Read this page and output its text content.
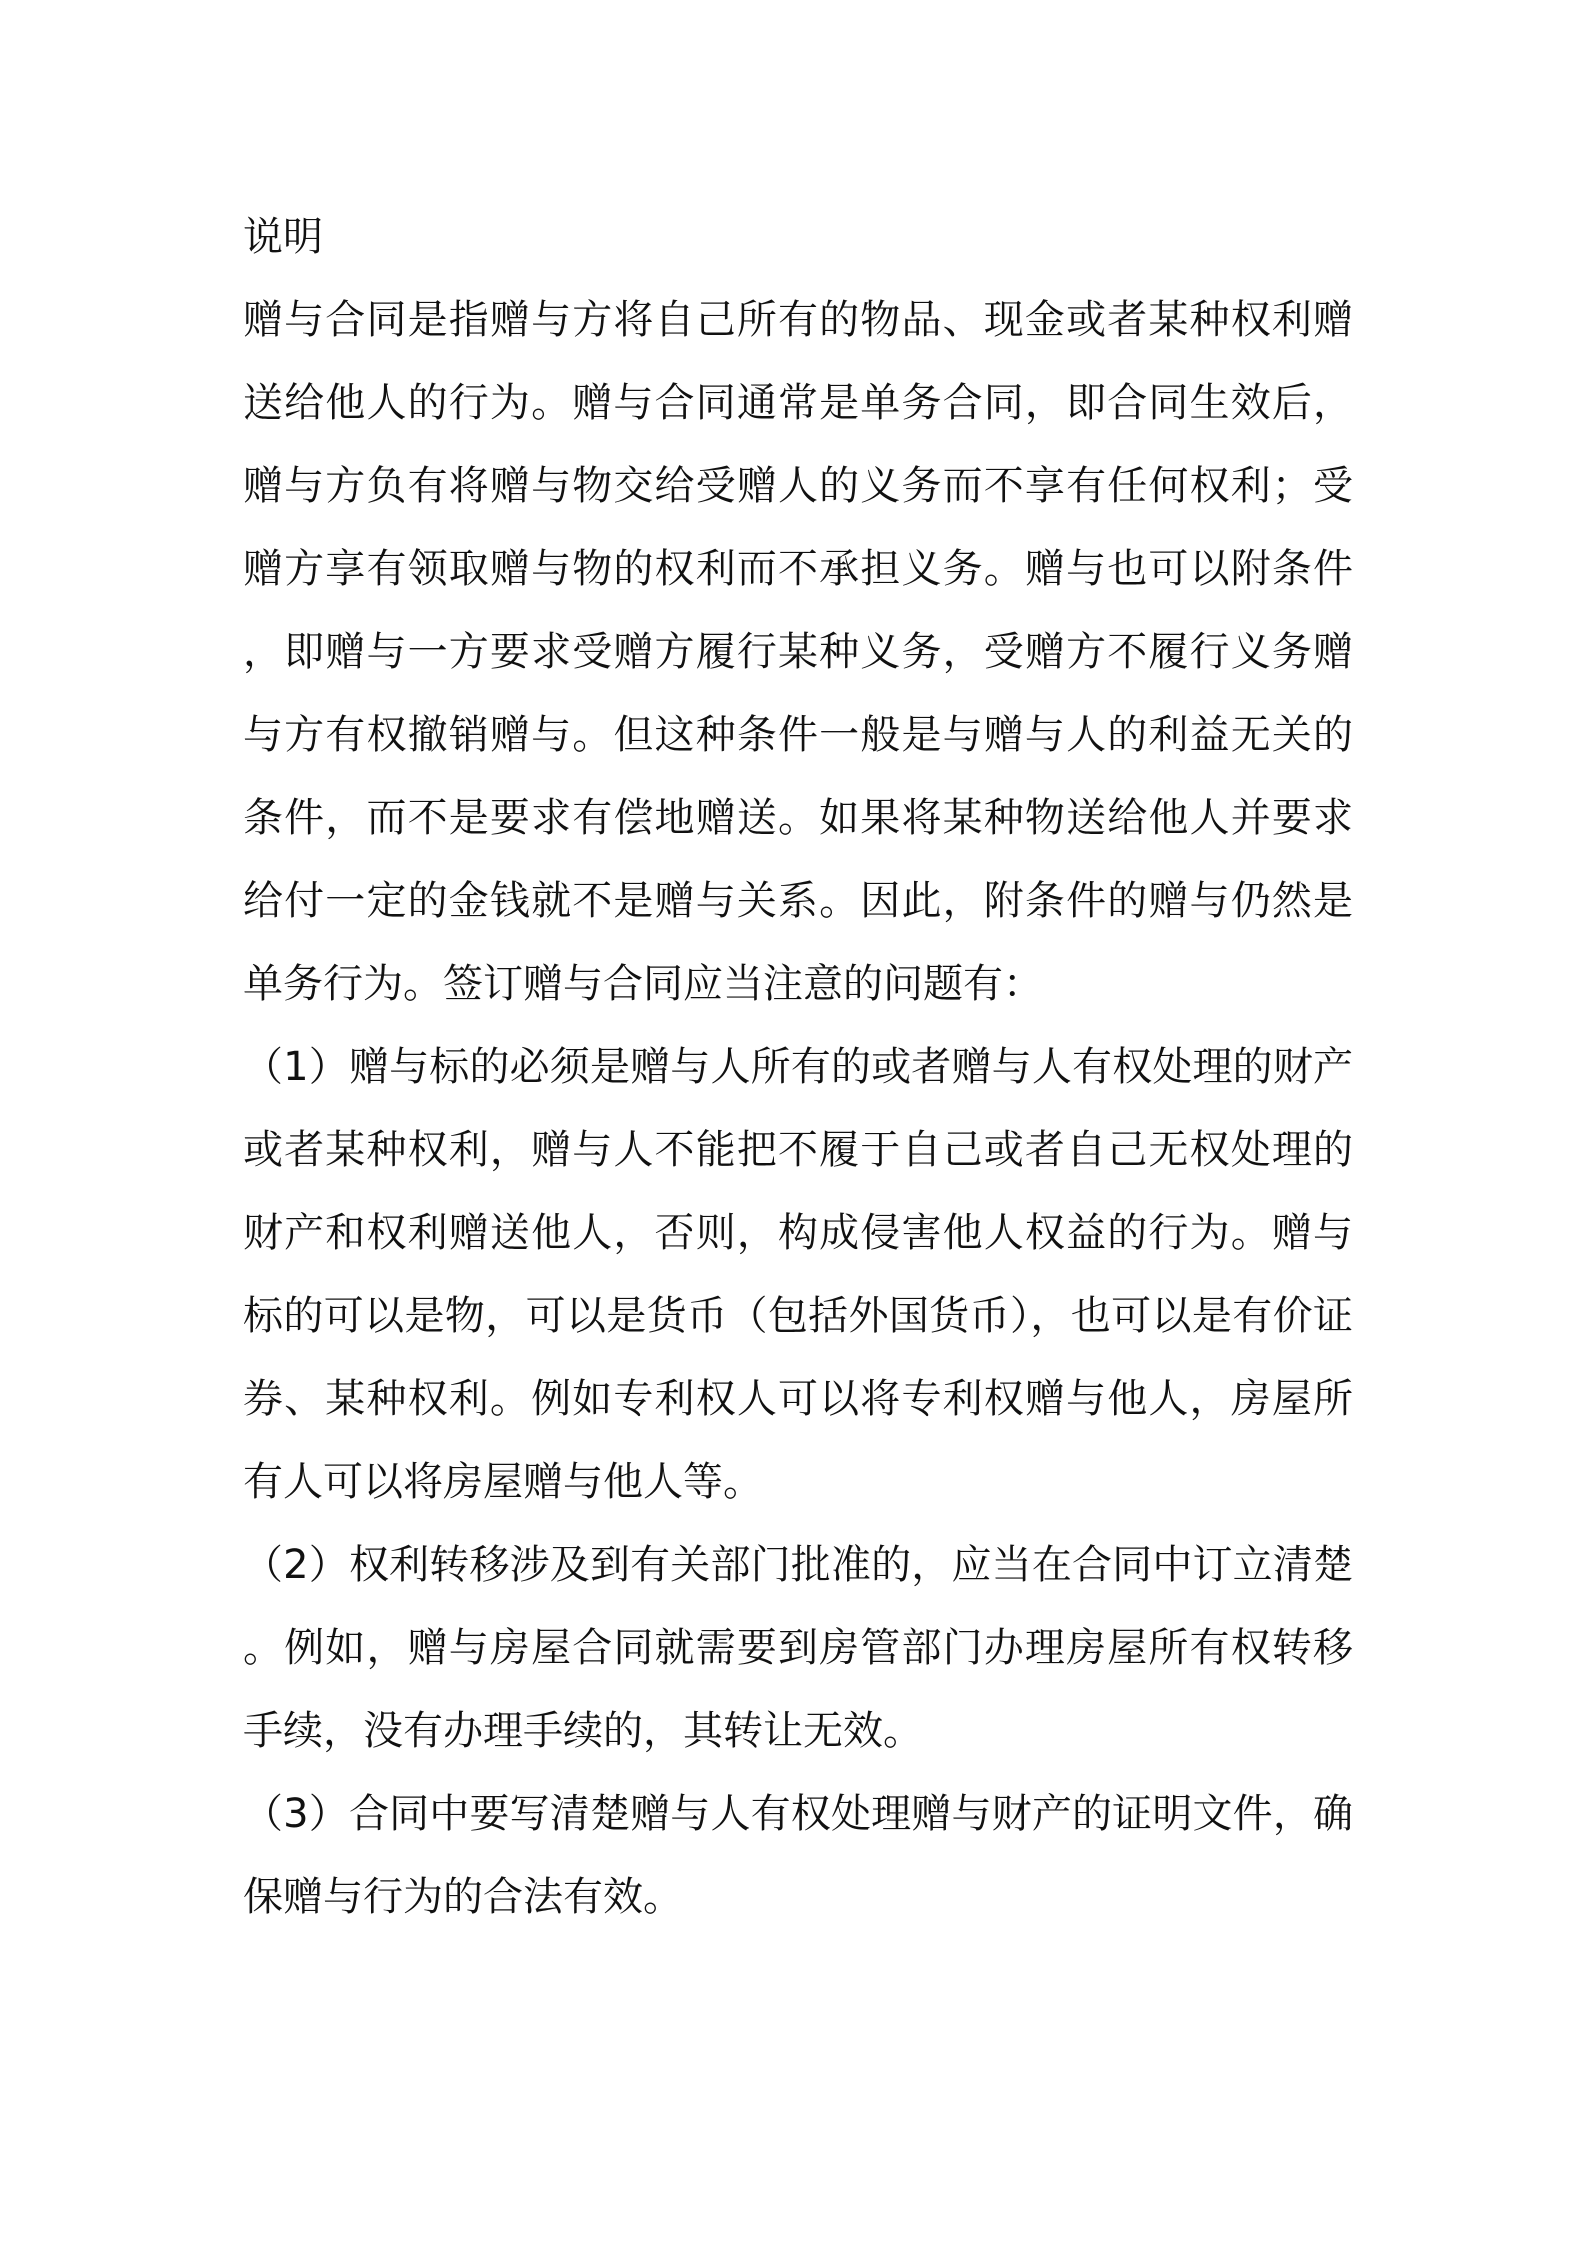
说明

赠与合同是指赠与方将自己所有的物品、现金或者某种权利赠送给他人的行为。赠与合同通常是单务合同，即合同生效后，赠与方负有将赠与物交给受赠人的义务而不享有任何权利；受赠方享有领取赠与物的权利而不承担义务。赠与也可以附条件，即赠与一方要求受赠方履行某种义务，受赠方不履行义务赠与方有权撤销赠与。但这种条件一般是与赠与人的利益无关的条件，而不是要求有偿地赠送。如果将某种物送给他人并要求给付一定的金钱就不是赠与关系。因此，附条件的赠与仍然是单务行为。签订赠与合同应当注意的问题有：

（1）赠与标的必须是赠与人所有的或者赠与人有权处理的财产或者某种权利，赠与人不能把不履于自己或者自己无权处理的财产和权利赠送他人，否则，构成侵害他人权益的行为。赠与标的可以是物，可以是货币（包括外国货币），也可以是有价证券、某种权利。例如专利权人可以将专利权赠与他人，房屋所有人可以将房屋赠与他人等。

（2）权利转移涉及到有关部门批准的，应当在合同中订立清楚。例如，赠与房屋合同就需要到房管部门办理房屋所有权转移手续，没有办理手续的，其转让无效。

（3）合同中要写清楚赠与人有权处理赠与财产的证明文件，确保赠与行为的合法有效。
